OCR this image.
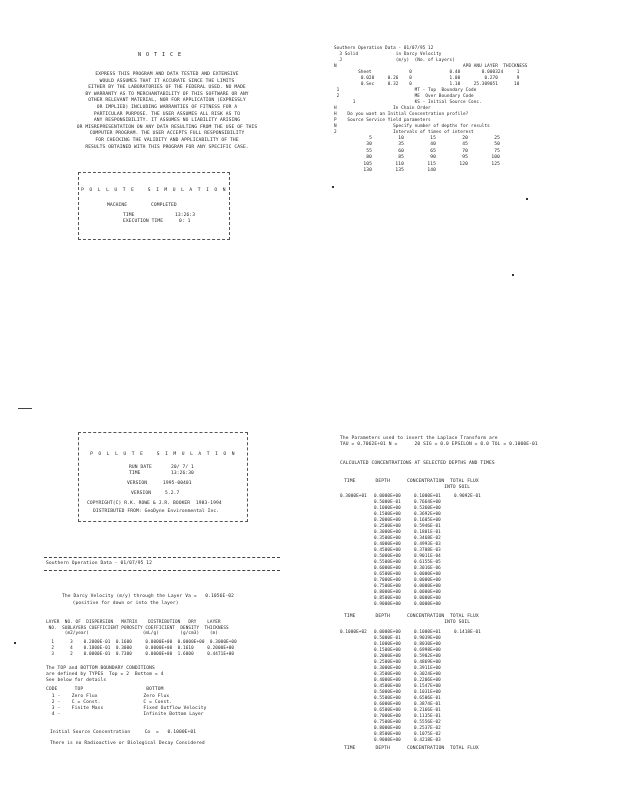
N O T I C E
EXPRESS THIS PROGRAM AND DATA TESTED AND EXTENSIVE
WOULD ASSUMES THAT IT ACCURATE SINCE THE LIMITS
EITHER BY THE LABORATORIES OF THE FEDERAL USED. NO MADE
BY WARRANTY AS TO MERCHANTABILITY OF THIS SOFTWARE OR ANY
OTHER RELEVANT MATERIAL, NOR FOR APPLICATION (EXPRESSLY
OR IMPLIED) INCLUDING WARRANTIES OF FITNESS FOR A
PARTICULAR PURPOSE. THE USER ASSUMES ALL RISK AS TO
ANY RESPONSIBILITY. IT ASSUMES NO LIABILITY ARISING
OR MISREPRESENTATION ON ANY DATA RESULTING FROM THE USE OF THIS
COMPUTER PROGRAM. THE USER ACCEPTS FULL RESPONSIBILITY
FOR CHECKING THE VALIDITY AND APPLICABILITY OF THE
RESULTS OBTAINED WITH THIS PROGRAM FOR ANY SPECIFIC CASE.
P O L L U T E   S I M U L A T I O N
MACHINE	COMPLETED
TIME	13:26:3
EXECUTION TIME	0: 1
Southern Operation Data - 01/07/95 12
3 Solid              in Darcy Velocity
J                    (m/y)  (No. of Layers)
N                                               APB ANU LAYER  THICKNESS
Sheet              0              0.40        0.000324     1
0.028     0.26    0              1.00         0.270       9
0.Sec     0.32    0              1.10     25.309051      10
1                            MT - Top  Boundary Code
2                            ME  Over Boundary Code
1                      KS - Initial Source Conc.
H                     In Chain Order
H    Do you want an Initial Concentration profile?
P    Source Service Yield parameters
N                     Specify number of depths for results
2                     Intervals of times of interest
5	10	15	20	25
30	35	40	45	50
55	60	65	70	75
80	85	90	95	100
105	110	115	120	125
130	135	140
P O L L U T E   S I M U L A T I O N
RUN DATE	20/ 7/ 1
TIME	13:26:30
VERSION	1995-00401
VERSION	5.2.7
COPYRIGHT(C) R.K. ROWE & J.R. BOOKER  1983-1994
DISTRIBUTED FROM: GeoDyne Environmental Inc.
Southern Operation Data - 01/07/95 12
The Darcy Velocity (m/y) through the Layer Va =   0.1056E-02
(positive for down or into the layer)
LAYER  NO. OF  DISPERSION   MATRIX    DISTRIBUTION   DRY    LAYER
NO.  SUBLAYERS COEFFICIENT POROSITY COEFFICIENT  DENSITY  THICKNESS
(m2/year)                    (mL/g)        (g/cm3)    (m)
1      3    0.2000E-01  0.1600     0.0000E+00  0.0000E+00  0.3000E+00
2      4    0.1800E-01  0.3000     0.0000E+00  0.1610     0.2000E+00
3      2    0.0000E-01  0.7300     0.0000E+00  1.6000     0.4471E+00
The TOP and BOTTOM BOUNDARY CONDITIONS
are defined by TYPES  Top = 2  Bottom = 4
See below for details
CODE      TOP                      BOTTOM
1 -    Zero Flux                Zero Flux
2 -    C = Const.               C = Const.
3 -    Finite Mass              Fixed Outflow Velocity
4 -                             Infinite Bottom Layer
Initial Source Concentration     Co  =   0.1000E+01
There is no Radioactive or Biological Decay Considered
The Parameters used to invert the Laplace Transform are
TAU = 0.7062E+01 N =      20 SIG = 0.0 EPSILON = 0.0 TOL = 0.1000E-01
CALCULATED CONCENTRATIONS AT SELECTED DEPTHS AND TIMES
TIME       DEPTH      CONCENTRATION  TOTAL FLUX
INTO SOIL
0.3000E+01 0.0000E+00	0.1000E+01	0.9092E-01
0.5000E-01	0.7664E+00
0.1000E+00	0.5360E+00
0.1500E+00	0.3692E+00
0.2000E+00	0.1605E+00
0.2500E+00	0.5946E-01
0.3000E+00	0.1801E-01
0.3500E+00	0.3468E-02
0.4000E+00	0.4993E-03
0.4500E+00	0.3708E-03
0.5000E+00	0.9011E-04
0.5500E+00	0.6155E-05
0.6000E+00	0.3016E-06
0.6500E+00	0.0000E+00
0.7000E+00	0.0000E+00
0.7500E+00	0.0000E+00
0.8000E+00	0.0000E+00
0.8500E+00	0.0000E+00
0.9000E+00	0.0000E+00
TIME       DEPTH      CONCENTRATION  TOTAL FLUX
INTO SOIL
0.1000E+02 0.0000E+00	0.1000E+01	0.1418E-01
0.5000E-01	0.9039E+00
0.1000E+00	0.8030E+00
0.1500E+00	0.6998E+00
0.2000E+00	0.5902E+00
0.2500E+00	0.4869E+00
0.3000E+00	0.3911E+00
0.3500E+00	0.3024E+00
0.4000E+00	0.2206E+00
0.4500E+00	0.1547E+00
0.5000E+00	0.1031E+00
0.5500E+00	0.6506E-01
0.6000E+00	0.3874E-01
0.6500E+00	0.2166E-01
0.7000E+00	0.1135E-01
0.7500E+00	0.5556E-02
0.8000E+00	0.2537E-02
0.8500E+00	0.1075E-02
0.9000E+00	0.4218E-03
TIME       DEPTH      CONCENTRATION  TOTAL FLUX
